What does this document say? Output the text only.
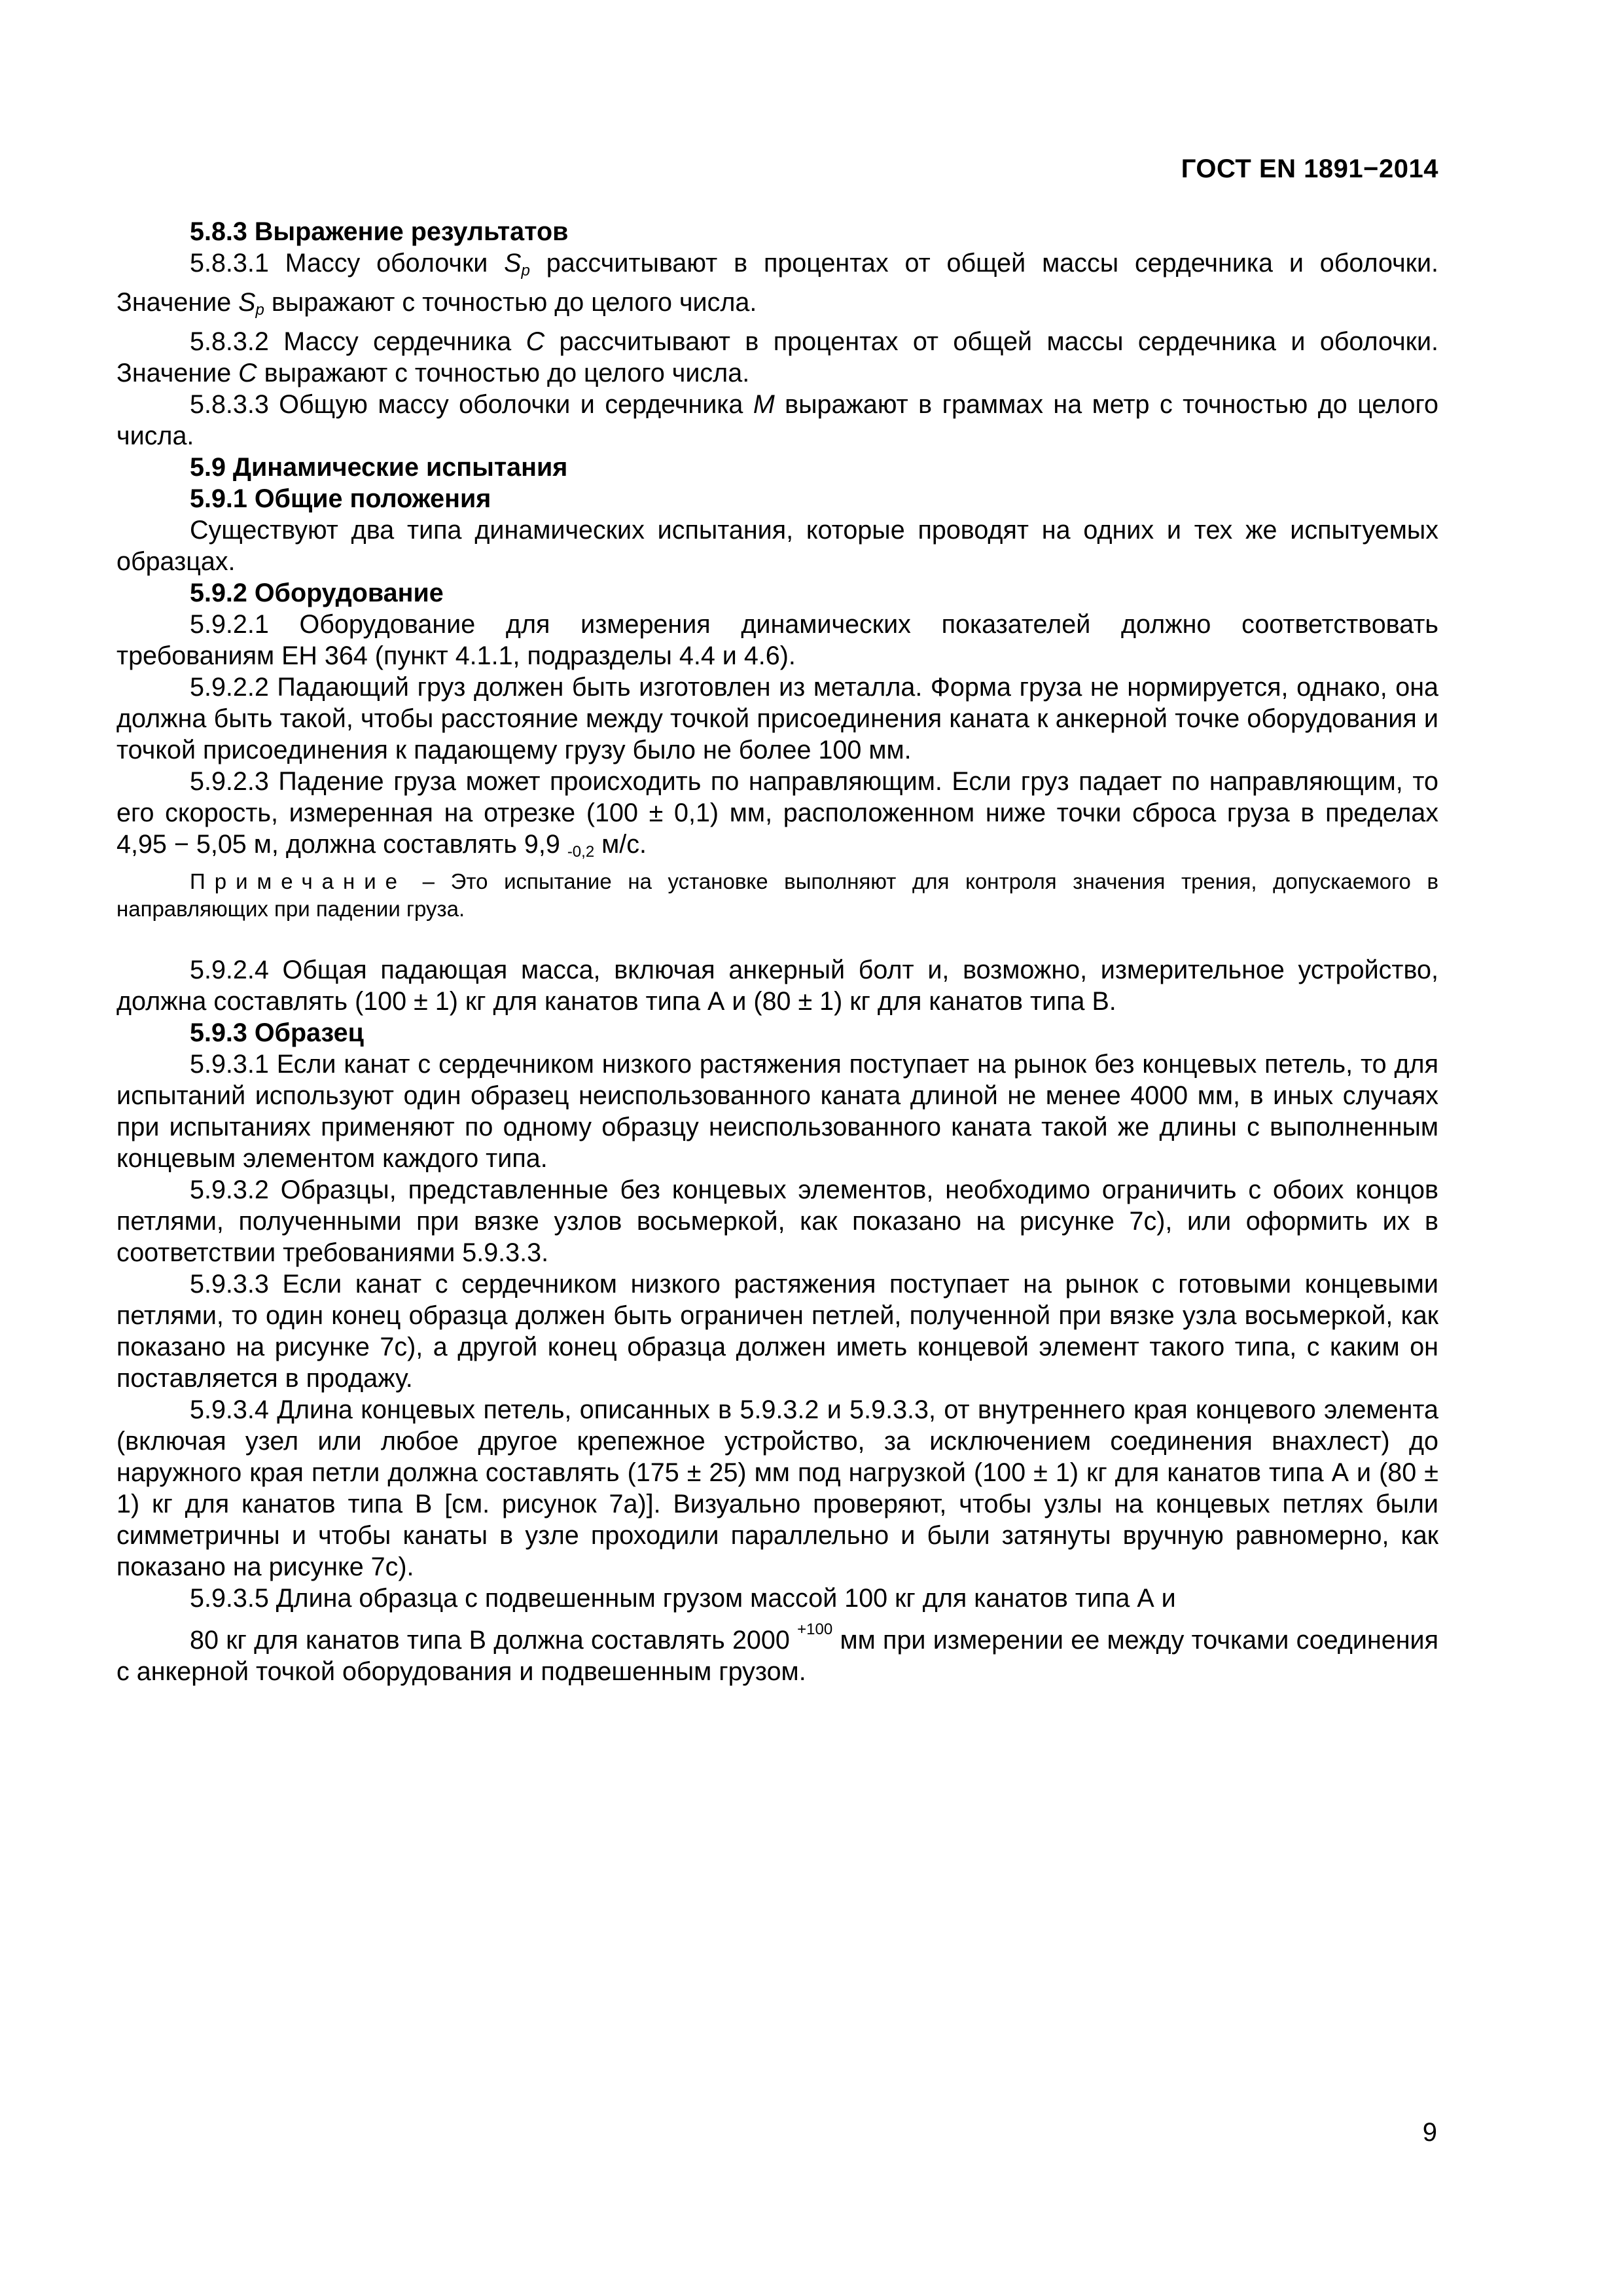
ГОСТ EN 1891−2014

5.8.3 Выражение результатов

5.8.3.1 Массу оболочки $S_p$ рассчитывают в процентах от общей массы сердечника и оболочки. Значение $S_p$ выражают с точностью до целого числа.

5.8.3.2 Массу сердечника С рассчитывают в процентах от общей массы сердечника и оболочки. Значение С выражают с точностью до целого числа.

5.8.3.3 Общую массу оболочки и сердечника М выражают в граммах на метр с точностью до целого числа.

5.9 Динамические испытания

5.9.1 Общие положения

Существуют два типа динамических испытания, которые проводят на одних и тех же испытуемых образцах.

5.9.2 Оборудование

5.9.2.1 Оборудование для измерения динамических показателей должно соответствовать требованиям ЕН 364 (пункт 4.1.1, подразделы 4.4 и 4.6).

5.9.2.2 Падающий груз должен быть изготовлен из металла. Форма груза не нормируется, однако, она должна быть такой, чтобы расстояние между точкой присоединения каната к анкерной точке оборудования и точкой присоединения к падающему грузу было не более 100 мм.

5.9.2.3 Падение груза может происходить по направляющим. Если груз падает по направляющим, то его скорость, измеренная на отрезке (100 ± 0,1) мм, расположенном ниже точки сброса груза в пределах 4,95 − 5,05 м, должна составлять 9,9 $_{-0,2}$ м/с.

Примечание – Это испытание на установке выполняют для контроля значения трения, допускаемого в направляющих при падении груза.

5.9.2.4 Общая падающая масса, включая анкерный болт и, возможно, измерительное устройство, должна составлять (100 ± 1) кг для канатов типа А и (80 ± 1) кг для канатов типа В.

5.9.3 Образец

5.9.3.1 Если канат с сердечником низкого растяжения поступает на рынок без концевых петель, то для испытаний используют один образец неиспользованного каната длиной не менее 4000 мм, в иных случаях при испытаниях применяют по одному образцу неиспользованного каната такой же длины с выполненным концевым элементом каждого типа.

5.9.3.2 Образцы, представленные без концевых элементов, необходимо ограничить с обоих концов петлями, полученными при вязке узлов восьмеркой, как показано на рисунке 7с), или оформить их в соответствии требованиями 5.9.3.3.

5.9.3.3 Если канат с сердечником низкого растяжения поступает на рынок с готовыми концевыми петлями, то один конец образца должен быть ограничен петлей, полученной при вязке узла восьмеркой, как показано на рисунке 7с), а другой конец образца должен иметь концевой элемент такого типа, с каким он поставляется в продажу.

5.9.3.4 Длина концевых петель, описанных в 5.9.3.2 и 5.9.3.3, от внутреннего края концевого элемента (включая узел или любое другое крепежное устройство, за исключением соединения внахлест) до наружного края петли должна составлять (175 ± 25) мм под нагрузкой (100 ± 1) кг для канатов типа А и (80 ± 1) кг для канатов типа В [см. рисунок 7а)]. Визуально проверяют, чтобы узлы на концевых петлях были симметричны и чтобы канаты в узле проходили параллельно и были затянуты вручную равномерно, как показано на рисунке 7с).

5.9.3.5 Длина образца с подвешенным грузом массой 100 кг для канатов типа А и

80 кг для канатов типа В должна составлять 2000 $^{+100}$ мм при измерении ее между точками соединения с анкерной точкой оборудования и подвешенным грузом.

9
